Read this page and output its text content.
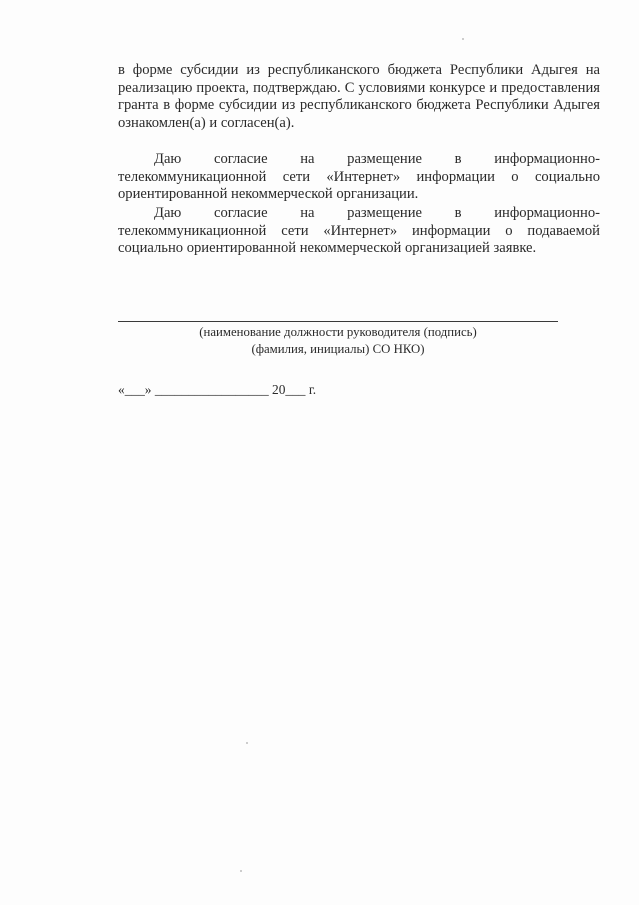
в форме субсидии из республиканского бюджета Республики Адыгея на реализацию проекта, подтверждаю. С условиями конкурсе и предоставления гранта в форме субсидии из республиканского бюджета Республики Адыгея ознакомлен(а) и согласен(а).

Даю согласие на размещение в информационно-телекоммуникационной сети «Интернет» информации о социально ориентированной некоммерческой организации.

Даю согласие на размещение в информационно-телекоммуникационной сети «Интернет» информации о подаваемой социально ориентированной некоммерческой организацией заявке.

(наименование должности руководителя (подпись)

(фамилия, инициалы) СО НКО)

«___» _________________ 20___ г.
